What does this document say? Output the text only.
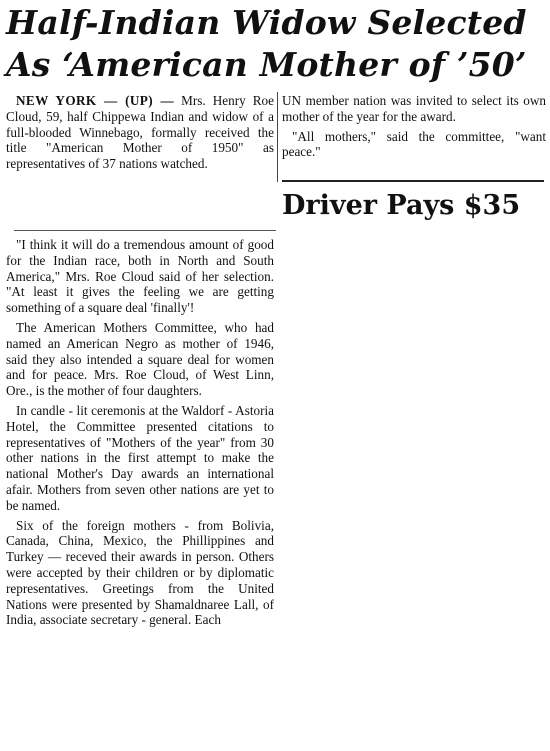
Half-Indian Widow Selected
As ‘American Mother of ’50’

NEW YORK — (UP) — Mrs. Henry Roe Cloud, 59, half Chippewa Indian and widow of a full-blooded Winnebago, formally received the title "American Mother of 1950" as representatives of 37 nations watched.

"I think it will do a tremendous amount of good for the Indian race, both in North and South America," Mrs. Roe Cloud said of her selection. "At least it gives the feeling we are getting something of a square deal 'finally'!

The American Mothers Committee, who had named an American Negro as mother of 1946, said they also intended a square deal for women and for peace. Mrs. Roe Cloud, of West Linn, Ore., is the mother of four daughters.

In candle - lit ceremonis at the Waldorf - Astoria Hotel, the Committee presented citations to representatives of "Mothers of the year" from 30 other nations in the first attempt to make the national Mother's Day awards an international afair. Mothers from seven other nations are yet to be named.

Six of the foreign mothers - from Bolivia, Canada, China, Mexico, the Phillippines and Turkey — receved their awards in person. Others were accepted by their children or by diplomatic representatives. Greetings from the United Nations were presented by Shamaldnaree Lall, of India, associate secretary - general. Each

UN member nation was invited to select its own mother of the year for the award.

"All mothers," said the committee, "want peace."

Driver Pays $35
